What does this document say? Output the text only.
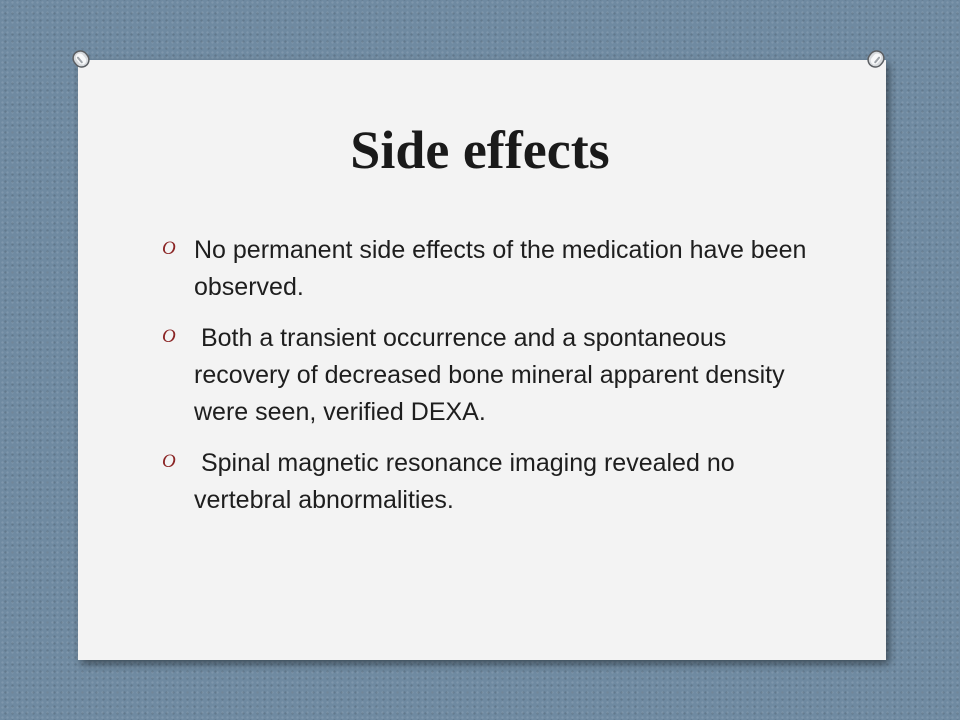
Side effects
O No permanent side effects of the medication have been observed.
O Both a transient occurrence and a spontaneous recovery of decreased bone mineral apparent density were seen, verified DEXA.
O Spinal magnetic resonance imaging revealed no vertebral abnormalities.
